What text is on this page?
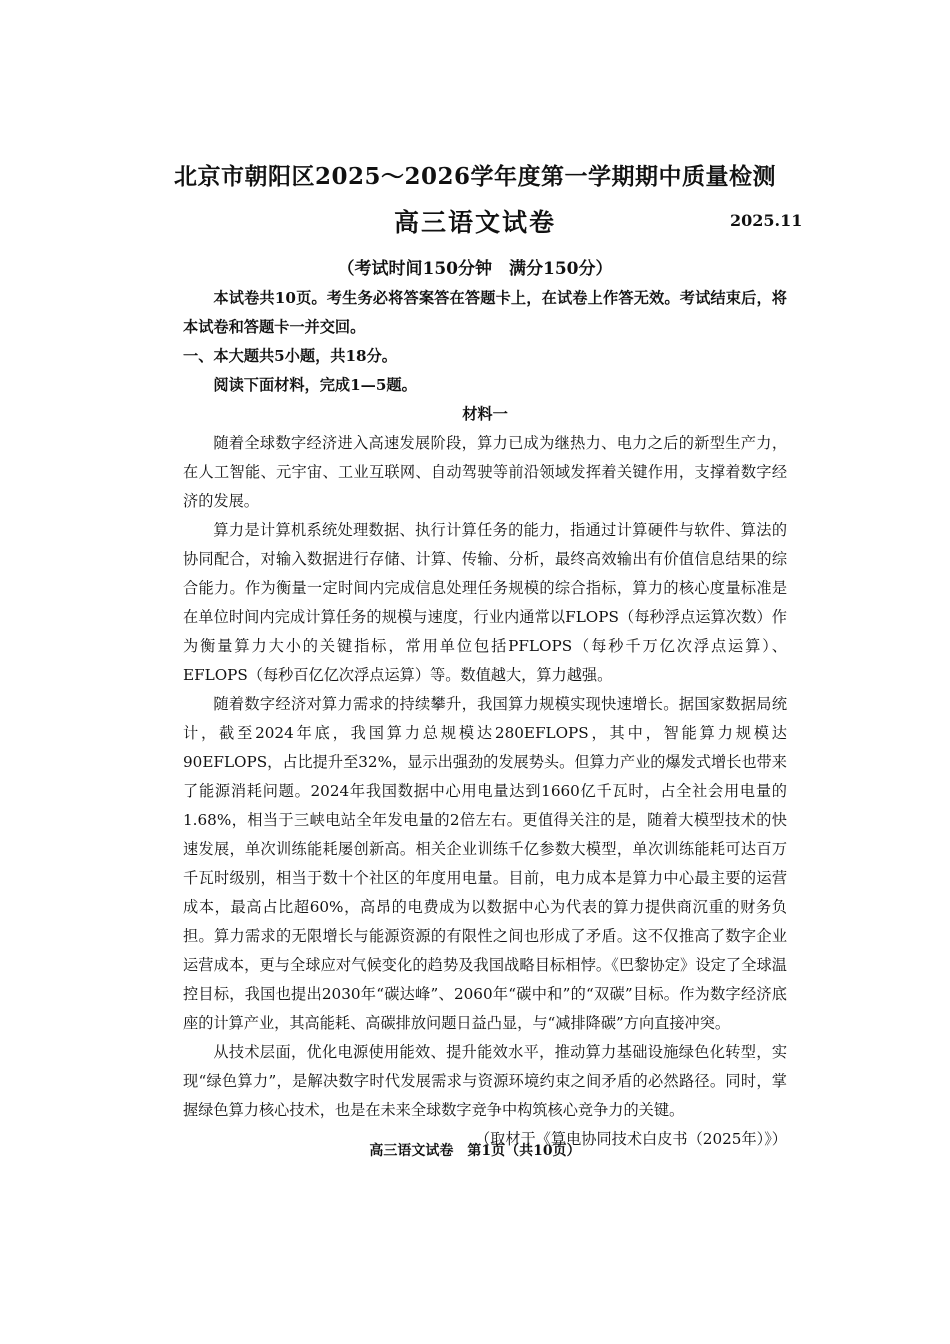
北京市朝阳区2025～2026学年度第一学期期中质量检测
高三语文试卷	2025.11
（考试时间150分钟　满分150分）

本试卷共10页。考生务必将答案答在答题卡上，在试卷上作答无效。考试结束后，将本试卷和答题卡一并交回。

一、本大题共5小题，共18分。

阅读下面材料，完成1—5题。

材料一

随着全球数字经济进入高速发展阶段，算力已成为继热力、电力之后的新型生产力，在人工智能、元宇宙、工业互联网、自动驾驶等前沿领域发挥着关键作用，支撑着数字经济的发展。

算力是计算机系统处理数据、执行计算任务的能力，指通过计算硬件与软件、算法的协同配合，对输入数据进行存储、计算、传输、分析，最终高效输出有价值信息结果的综合能力。作为衡量一定时间内完成信息处理任务规模的综合指标，算力的核心度量标准是在单位时间内完成计算任务的规模与速度，行业内通常以FLOPS（每秒浮点运算次数）作为衡量算力大小的关键指标，常用单位包括PFLOPS（每秒千万亿次浮点运算）、EFLOPS（每秒百亿亿次浮点运算）等。数值越大，算力越强。

随着数字经济对算力需求的持续攀升，我国算力规模实现快速增长。据国家数据局统计，截至2024年底，我国算力总规模达280EFLOPS，其中，智能算力规模达90EFLOPS，占比提升至32%，显示出强劲的发展势头。但算力产业的爆发式增长也带来了能源消耗问题。2024年我国数据中心用电量达到1660亿千瓦时，占全社会用电量的1.68%，相当于三峡电站全年发电量的2倍左右。更值得关注的是，随着大模型技术的快速发展，单次训练能耗屡创新高。相关企业训练千亿参数大模型，单次训练能耗可达百万千瓦时级别，相当于数十个社区的年度用电量。目前，电力成本是算力中心最主要的运营成本，最高占比超60%，高昂的电费成为以数据中心为代表的算力提供商沉重的财务负担。算力需求的无限增长与能源资源的有限性之间也形成了矛盾。这不仅推高了数字企业运营成本，更与全球应对气候变化的趋势及我国战略目标相悖。《巴黎协定》设定了全球温控目标，我国也提出2030年“碳达峰”、2060年“碳中和”的“双碳”目标。作为数字经济底座的计算产业，其高能耗、高碳排放问题日益凸显，与“减排降碳”方向直接冲突。

从技术层面，优化电源使用能效、提升能效水平，推动算力基础设施绿色化转型，实现“绿色算力”，是解决数字时代发展需求与资源环境约束之间矛盾的必然路径。同时，掌握绿色算力核心技术，也是在未来全球数字竞争中构筑核心竞争力的关键。

（取材于《算电协同技术白皮书（2025年）》）

高三语文试卷　第1页（共10页）
